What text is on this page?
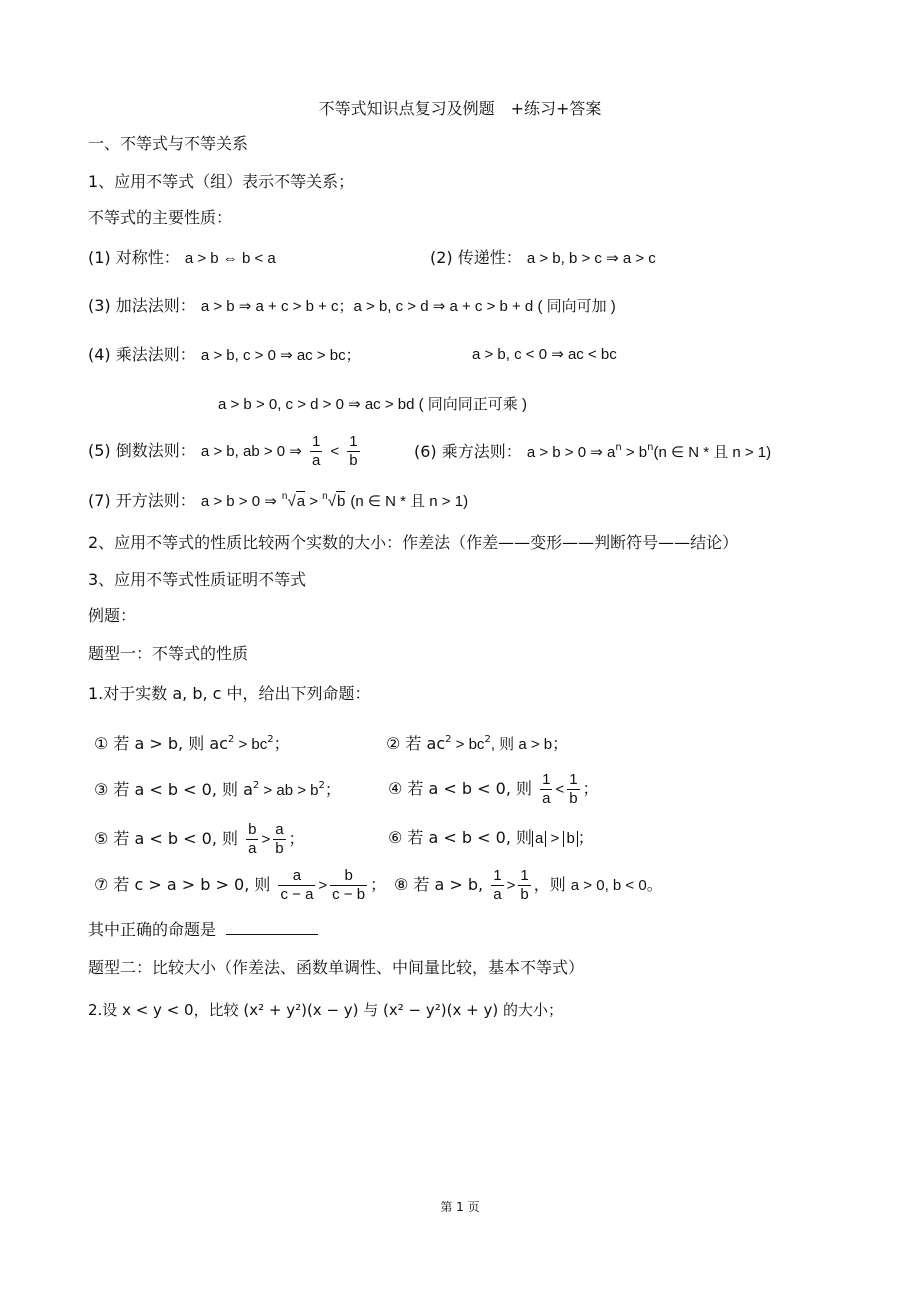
不等式知识点复习及例题　+练习+答案
一、不等式与不等关系
1、应用不等式（组）表示不等关系；
不等式的主要性质：
(1) 对称性： a > b ⇔ b < a	(2) 传递性： a > b, b > c ⇒ a > c
(3) 加法法则： a > b ⇒ a + c > b + c；a > b, c > d ⇒ a + c > b + d ( 同向可加 )
(4) 乘法法则： a > b, c > 0 ⇒ ac > bc；	a > b, c < 0 ⇒ ac < bc
a > b > 0, c > d > 0 ⇒ ac > bd ( 同向同正可乘 )
(5) 倒数法则： a > b, ab > 0 ⇒ $\frac{1}{a} < \frac{1}{b}$	(6) 乘方法则： a > b > 0 ⇒ $a^n > b^n(n$ ∈ N * 且 n > 1)
(7) 开方法则： a > b > 0 ⇒ $^n$√a > $^n$√b (n ∈ N * 且 n > 1)
2、应用不等式的性质比较两个实数的大小：作差法（作差——变形——判断符号——结论）
3、应用不等式性质证明不等式
例题：
题型一：不等式的性质
1.对于实数 a, b, c 中，给出下列命题：
① 若 a > b, 则 $ac^2 > bc^2$；	② 若 $ac^2 > bc^2$, 则 a > b；
③ 若 a < b < 0, 则 $a^2$ > ab > $b^2$；	④ 若 a < b < 0, 则 $\frac{1}{a} < \frac{1}{b}$ ；
⑤ 若 a < b < 0, 则 $\frac{b}{a} > \frac{a}{b}$ ；	⑥ 若 a < b < 0, 则 a > b ；
⑦ 若 c > a > b > 0, 则 $\frac{a}{c - a} > \frac{b}{c - b}$ ； ⑧ 若 a > b, $\frac{1}{a} > \frac{1}{b}$ ，则 a > 0, b < 0。
其中正确的命题是
题型二：比较大小（作差法、函数单调性、中间量比较，基本不等式）
2.设 x < y < 0，比较 (x² + y²)(x − y) 与 (x² − y²)(x + y) 的大小；
第 1 页
